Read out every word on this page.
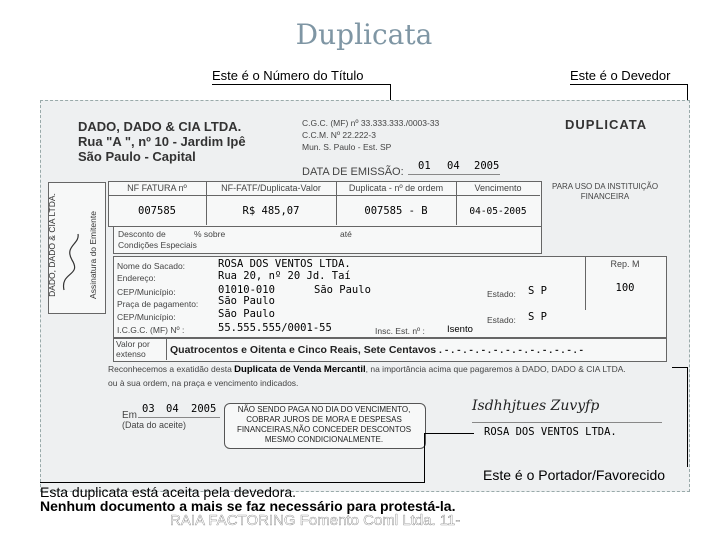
Duplicata
Este é o Número do Título	Este é o Devedor
DADO, DADO & CIA LTDA.
Rua "A ", nº 10 - Jardim Ipê
São Paulo - Capital
C.G.C. (MF) nº 33.333.333./0003-33
C.C.M. Nº 22.222-3
Mun. S. Paulo - Est. SP
DUPLICATA
DATA DE EMISSÃO: 01 04 2005
DADO, DADO & CIA LTDA.	Assinatura do Emitente
NF FATURA nº	NF-FATF/Duplicata-Valor	Duplicata - nº de ordem	Vencimento
007585	R$ 485,07	007585 - B	04-05-2005
PARA USO DA INSTITUIÇÃO FINANCEIRA
Desconto de	% sobre	até
Condições Especiais
Nome do Sacado:	ROSA DOS VENTOS LTDA.
Endereço:	Rua 20, nº 20 Jd. Taí
CEP/Município:	01010-010	São Paulo	Estado: S P
Praça de pagamento: São Paulo
CEP/Município:	São Paulo	Estado: S P
I.C.G.C. (MF) Nº :	55.555.555/0001-55	Insc. Est. nº : Isento
Rep. M
100
Valor por extenso	Quatrocentos e Oitenta e Cinco Reais, Sete Centavos . - . - . - . - . - . - . - . - . - . - . - . -
Reconhecemos a exatidão desta Duplicata de Venda Mercantil, na importância acima que pagaremos à DADO, DADO & CIA LTDA.
ou à sua ordem, na praça e vencimento indicados.
Em
03 04 2005
(Data do aceite)
NÃO SENDO PAGA NO DIA DO VENCIMENTO, COBRAR JUROS DE MORA E DESPESAS FINANCEIRAS,NÃO CONCEDER DESCONTOS MESMO CONDICIONALMENTE.
Isdhhjtues Zuvyfp
ROSA DOS VENTOS LTDA.
Este é o Portador/Favorecido
Esta duplicata está aceita pela devedora.
Nenhum documento a mais se faz necessário para protestá-la.
RAIA FACTORING Fomento Coml Ltda. 11-
